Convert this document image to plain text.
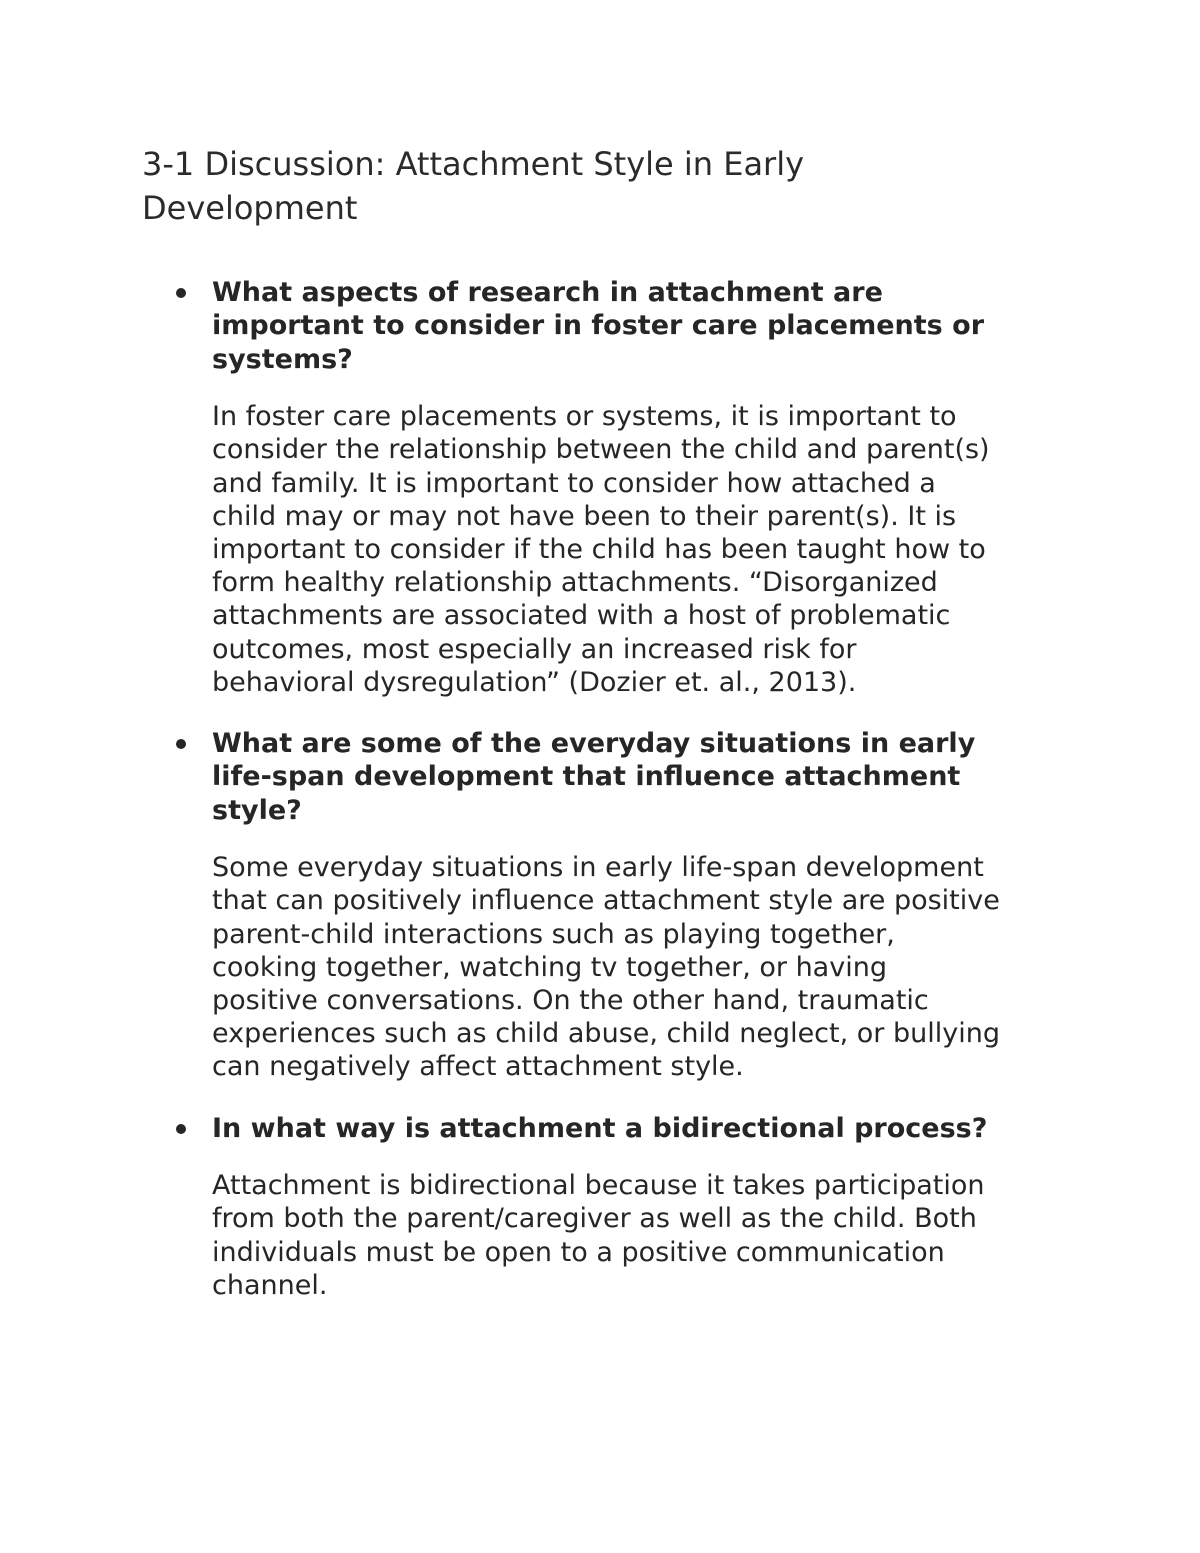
3-1 Discussion: Attachment Style in Early
Development

What aspects of research in attachment are
important to consider in foster care placements or
systems?

In foster care placements or systems, it is important to
consider the relationship between the child and parent(s)
and family. It is important to consider how attached a
child may or may not have been to their parent(s). It is
important to consider if the child has been taught how to
form healthy relationship attachments. “Disorganized
attachments are associated with a host of problematic
outcomes, most especially an increased risk for
behavioral dysregulation” (Dozier et. al., 2013).

What are some of the everyday situations in early
life-span development that influence attachment
style?

Some everyday situations in early life-span development
that can positively influence attachment style are positive
parent-child interactions such as playing together,
cooking together, watching tv together, or having
positive conversations. On the other hand, traumatic
experiences such as child abuse, child neglect, or bullying
can negatively affect attachment style.

In what way is attachment a bidirectional process?

Attachment is bidirectional because it takes participation
from both the parent/caregiver as well as the child. Both
individuals must be open to a positive communication
channel.
